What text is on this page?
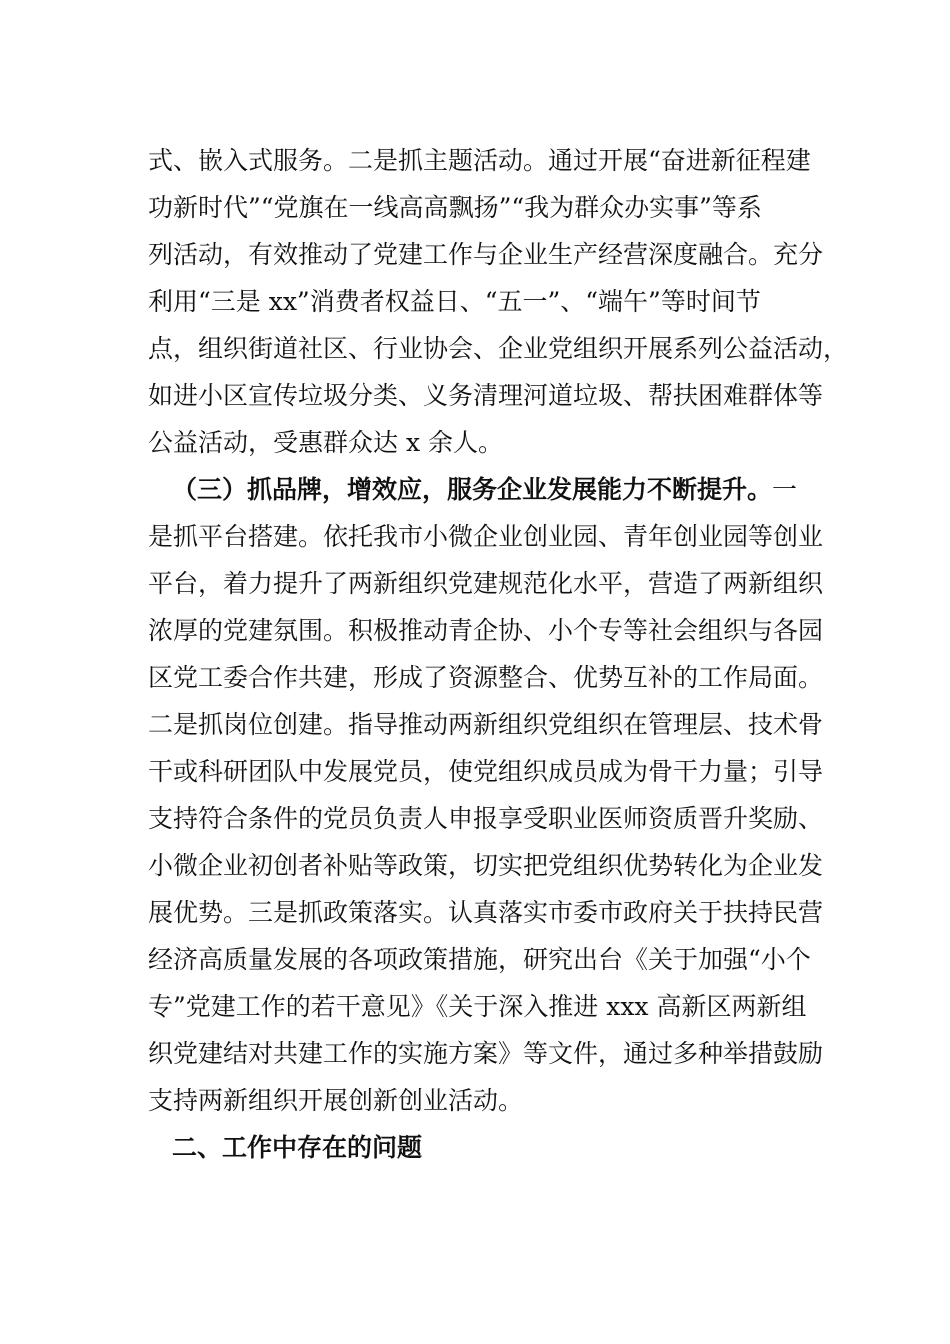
式、嵌入式服务。二是抓主题活动。通过开展“奋进新征程建
功新时代”“党旗在一线高高飘扬”“我为群众办实事”等系
列活动，有效推动了党建工作与企业生产经营深度融合。充分
利用“三是 xx”消费者权益日、“五一”、“端午”等时间节
点，组织街道社区、行业协会、企业党组织开展系列公益活动，
如进小区宣传垃圾分类、义务清理河道垃圾、帮扶困难群体等
公益活动，受惠群众达 x 余人。
（三）抓品牌，增效应，服务企业发展能力不断提升。一
是抓平台搭建。依托我市小微企业创业园、青年创业园等创业
平台，着力提升了两新组织党建规范化水平，营造了两新组织
浓厚的党建氛围。积极推动青企协、小个专等社会组织与各园
区党工委合作共建，形成了资源整合、优势互补的工作局面。
二是抓岗位创建。指导推动两新组织党组织在管理层、技术骨
干或科研团队中发展党员，使党组织成员成为骨干力量；引导
支持符合条件的党员负责人申报享受职业医师资质晋升奖励、
小微企业初创者补贴等政策，切实把党组织优势转化为企业发
展优势。三是抓政策落实。认真落实市委市政府关于扶持民营
经济高质量发展的各项政策措施，研究出台《关于加强“小个
专”党建工作的若干意见》《关于深入推进 xxx 高新区两新组
织党建结对共建工作的实施方案》等文件，通过多种举措鼓励
支持两新组织开展创新创业活动。
二、工作中存在的问题
